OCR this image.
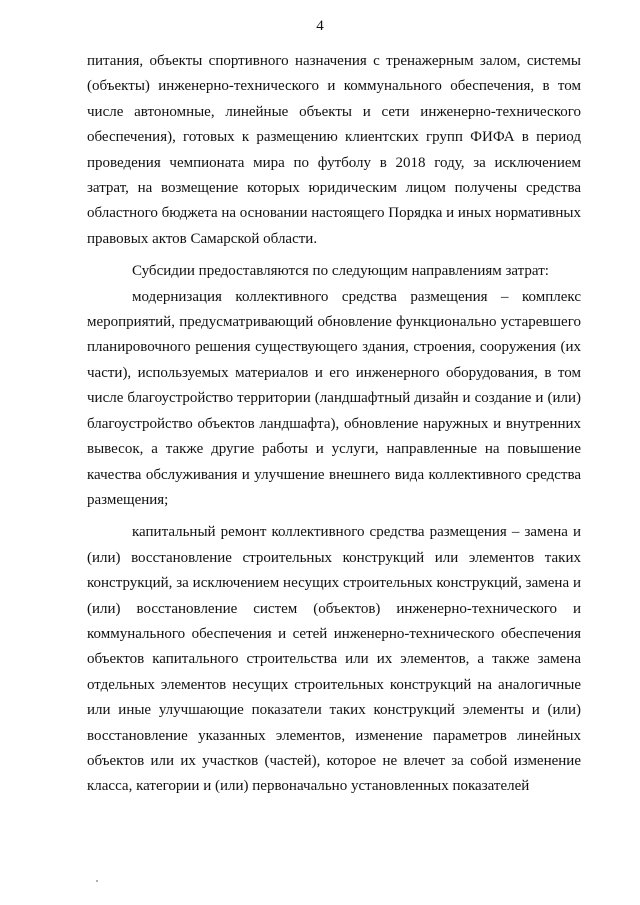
4

питания, объекты спортивного назначения с тренажерным залом, системы (объекты) инженерно-технического и коммунального обеспечения, в том числе автономные, линейные объекты и сети инженерно-технического обеспечения), готовых к размещению клиентских групп ФИФА в период проведения чемпионата мира по футболу в 2018 году, за исключением затрат, на возмещение которых юридическим лицом получены средства областного бюджета на основании настоящего Порядка и иных нормативных правовых актов Самарской области.

Субсидии предоставляются по следующим направлениям затрат:

модернизация коллективного средства размещения – комплекс мероприятий, предусматривающий обновление функционально устаревшего планировочного решения существующего здания, строения, сооружения (их части), используемых материалов и его инженерного оборудования, в том числе благоустройство территории (ландшафтный дизайн и создание и (или) благоустройство объектов ландшафта), обновление наружных и внутренних вывесок, а также другие работы и услуги, направленные на повышение качества обслуживания и улучшение внешнего вида коллективного средства размещения;

капитальный ремонт коллективного средства размещения – замена и (или) восстановление строительных конструкций или элементов таких конструкций, за исключением несущих строительных конструкций, замена и (или) восстановление систем (объектов) инженерно-технического и коммунального обеспечения и сетей инженерно-технического обеспечения объектов капитального строительства или их элементов, а также замена отдельных элементов несущих строительных конструкций на аналогичные или иные улучшающие показатели таких конструкций элементы и (или) восстановление указанных элементов, изменение параметров линейных объектов или их участков (частей), которое не влечет за собой изменение класса, категории и (или) первоначально установленных показателей
